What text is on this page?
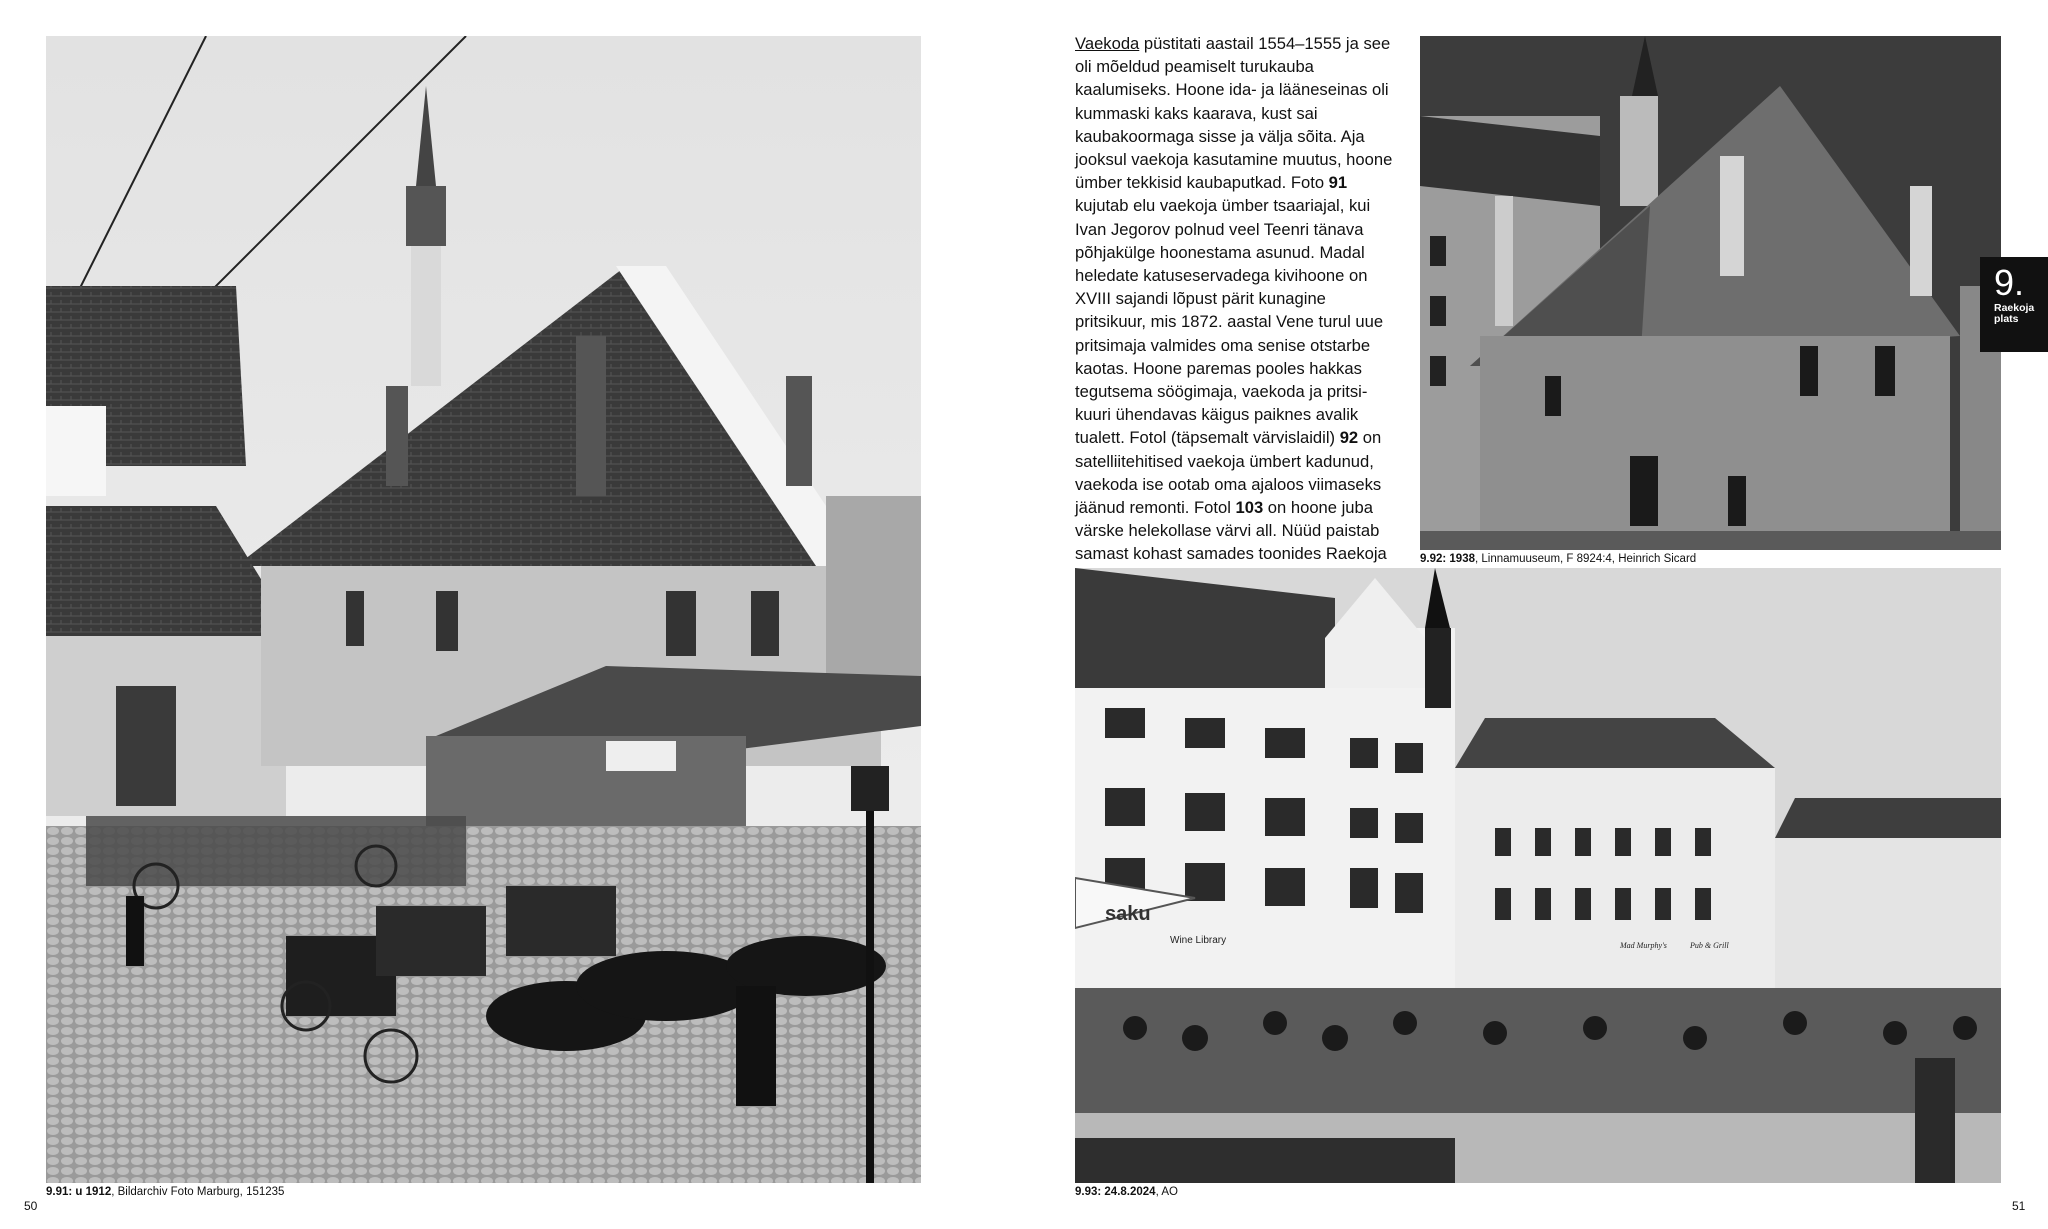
Vaekoda püstitati aastail 1554–1555 ja see oli mõeldud peamiselt turukauba kaalumiseks. Hoone ida- ja lääneseinas oli kummaski kaks kaarava, kust sai kaubakoormaga sisse ja välja sõita. Aja jooksul vaekoja kasutamine muutus, hoone ümber tekkisid kaubaputkad. Foto 91 kujutab elu vaekoja ümber tsaariajal, kui Ivan Jegorov polnud veel Teenri tänava põhjakülge hoonestama asunud. Madal heledate katuseservadega kivihoone on XVIII sajandi lõpust pärit kunagine pritsikuur, mis 1872. aastal Vene turul uue pritsimaja valmides oma senise otstarbe kaotas. Hoone paremas pooles hakkas tegutsema söögimaja, vaekoda ja pritsikuuri ühendavas käigus paiknes avalik tualett. Fotol (täpsemalt värvislaidil) 92 on satelliitehitised vaekoja ümbert kadunud, vaekoda ise ootab oma ajaloos viimaseks jäänud remonti. Fotol 103 on hoone juba värske helekollase värvi all. Nüüd paistab samast kohast samades toonides Raekoja
saku
Wine Library	Mad Murphy's	Pub & Grill
9.91: u 1912, Bildarchiv Foto Marburg, 151235
9.92: 1938, Linnamuuseum, F 8924:4, Heinrich Sicard
9.93: 24.8.2024, AO
9.
Raekoja
plats
50	51
